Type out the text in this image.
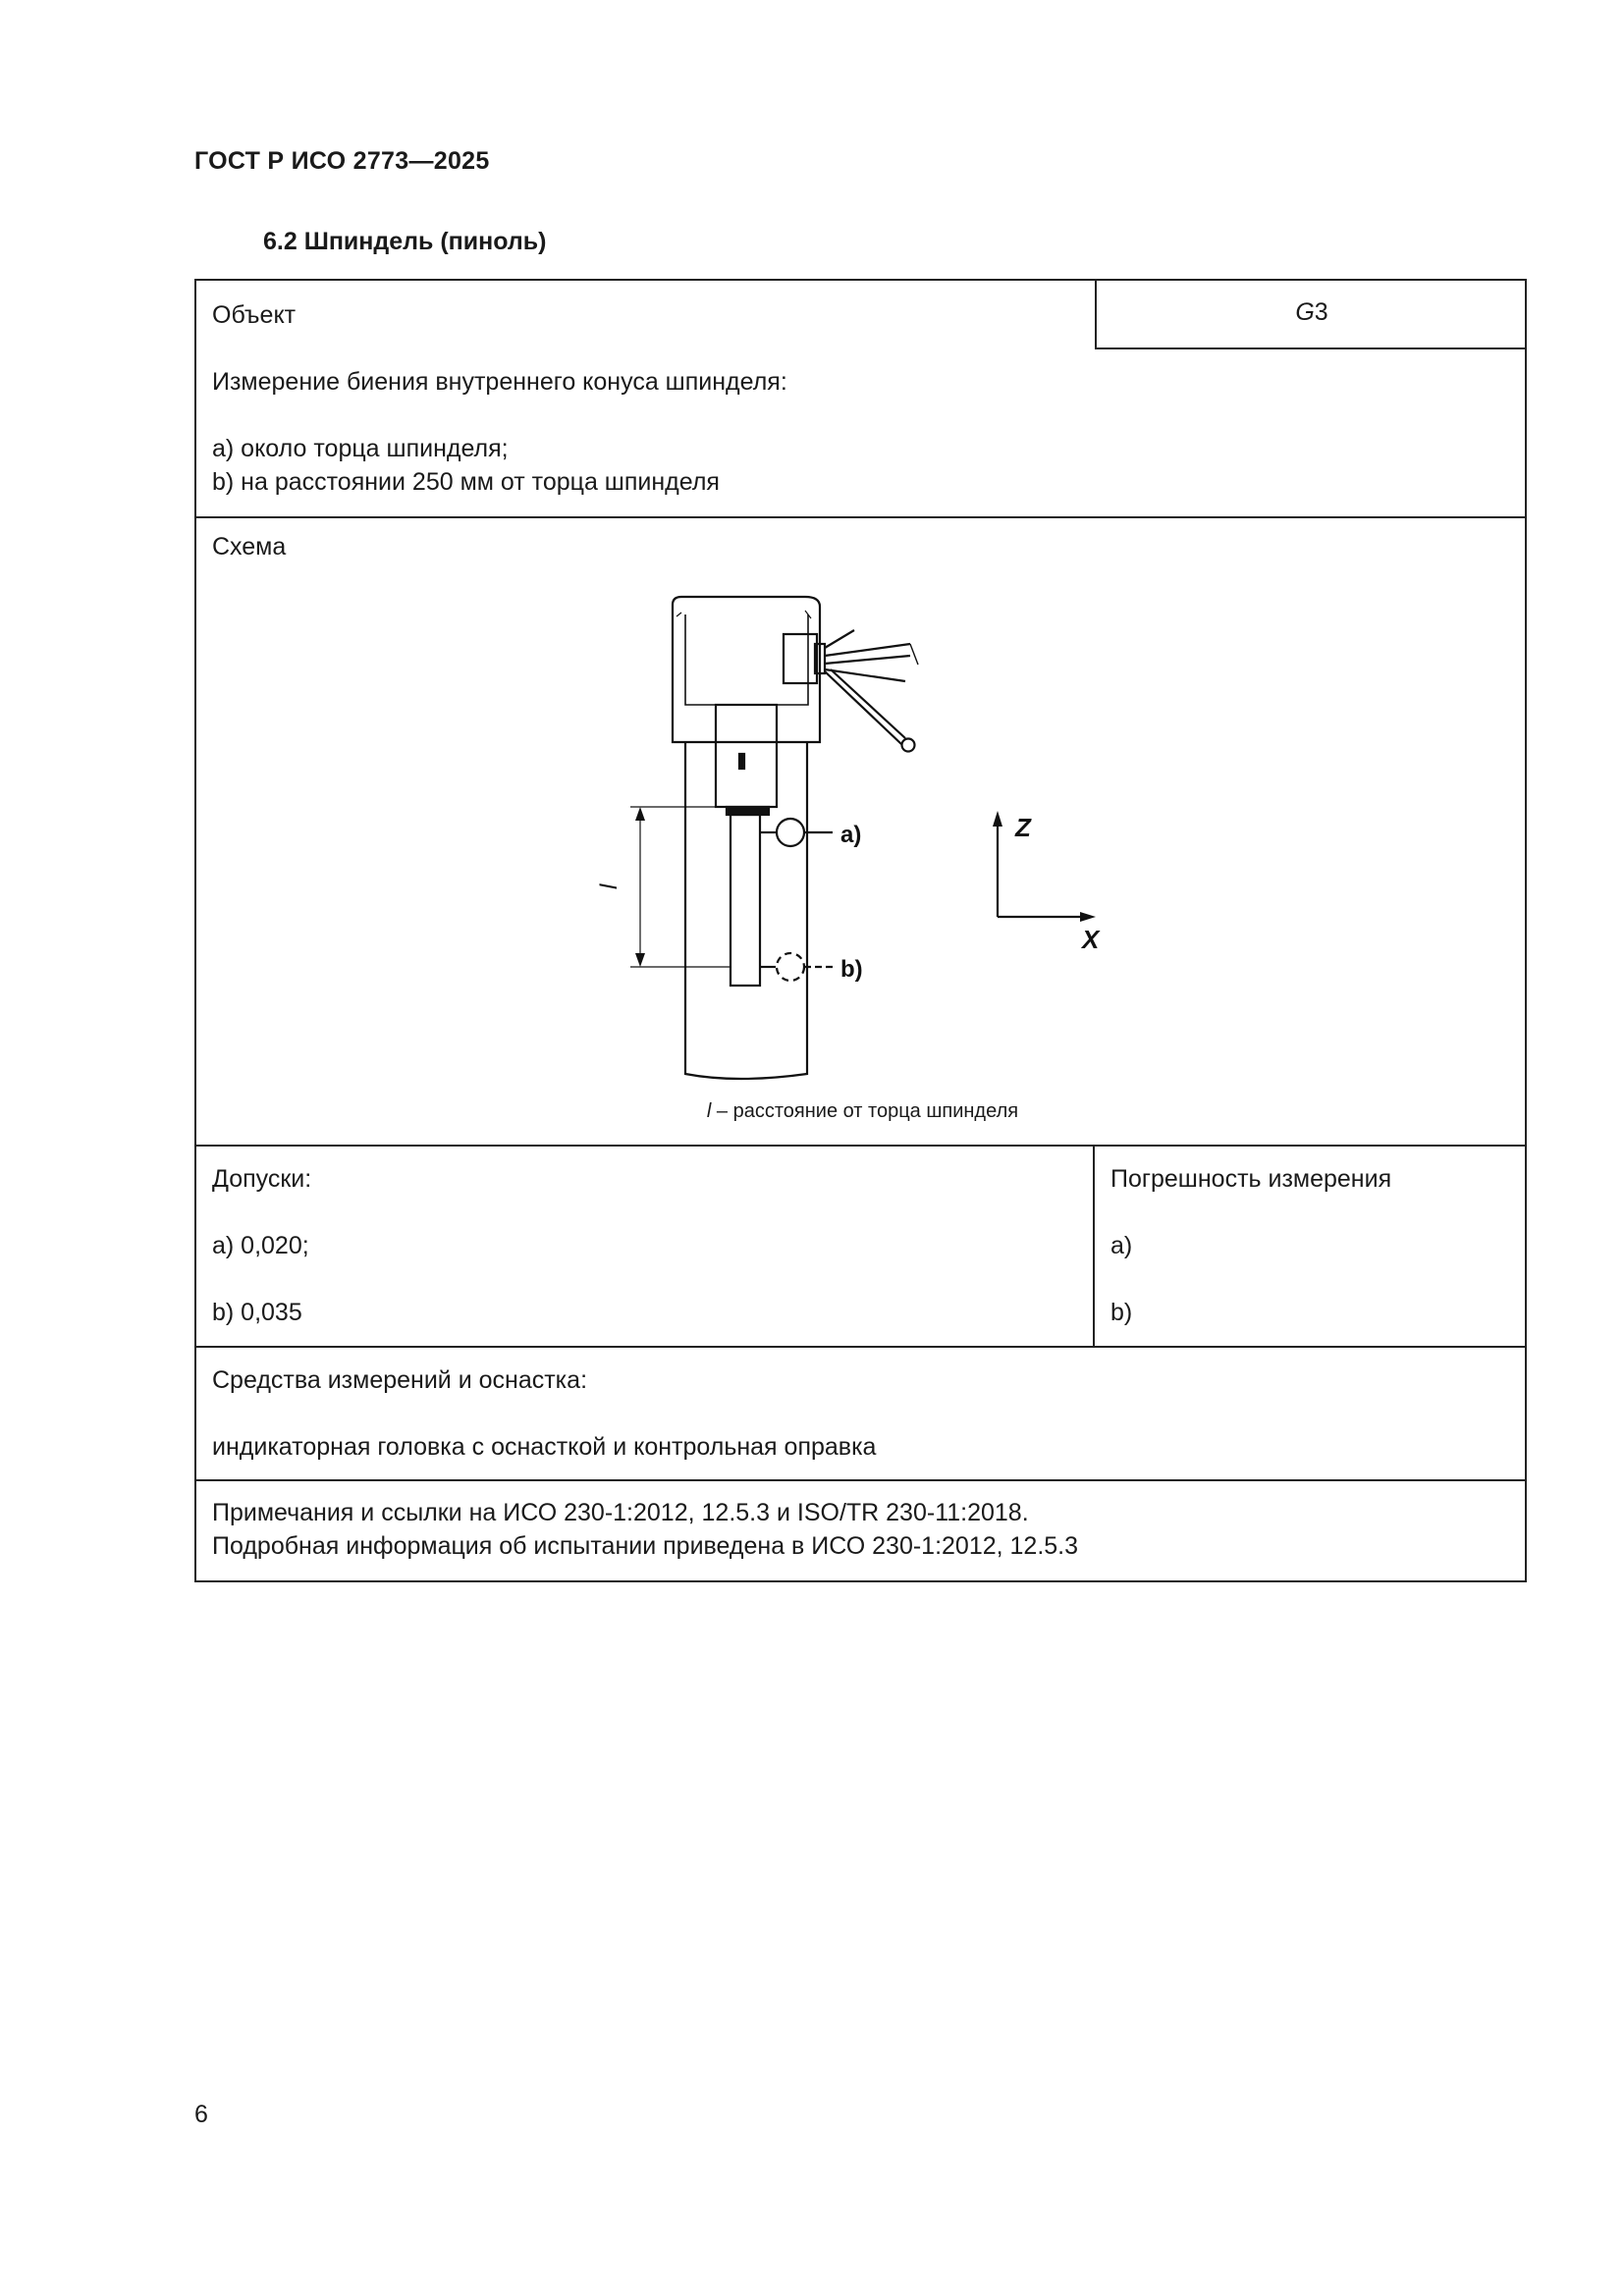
ГОСТ Р ИСО 2773—2025
6.2 Шпиндель (пиноль)
Объект	G3
Измерение биения внутреннего конуса шпинделя:
a) около торца шпинделя;
b) на расстоянии 250 мм от торца шпинделя
Схема
a)
b)
l
Z
X
l – расстояние от торца шпинделя
Допуски:
a) 0,020;
b) 0,035
Погрешность измерения
a)
b)
Средства измерений и оснастка:
индикаторная головка с оснасткой и контрольная оправка
Примечания и ссылки на ИСО 230-1:2012, 12.5.3 и ISO/TR 230-11:2018.
Подробная информация об испытании приведена в ИСО 230-1:2012, 12.5.3
6
